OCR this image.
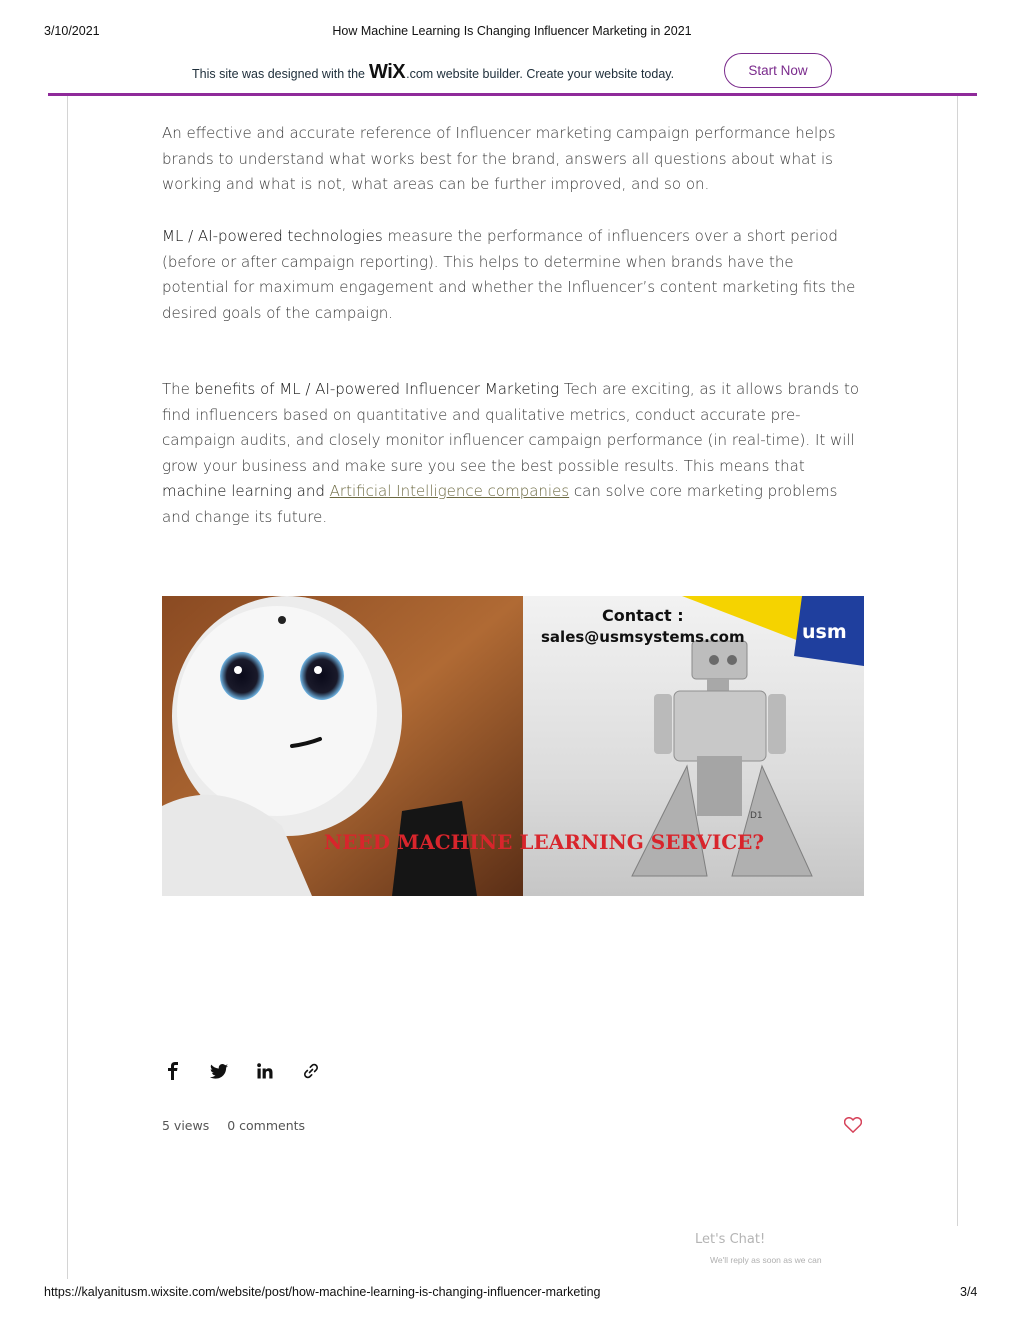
3/10/2021	How Machine Learning Is Changing Influencer Marketing in 2021
This site was designed with the WiX .com website builder. Create your website today.	Start Now

An effective and accurate reference of Influencer marketing campaign performance helps brands to understand what works best for the brand, answers all questions about what is working and what is not, what areas can be further improved, and so on.

ML / AI-powered technologies measure the performance of influencers over a short period (before or after campaign reporting). This helps to determine when brands have the potential for maximum engagement and whether the Influencer’s content marketing fits the desired goals of the campaign.

The benefits of ML / AI-powered Influencer Marketing Tech are exciting, as it allows brands to find influencers based on quantitative and qualitative metrics, conduct accurate pre-campaign audits, and closely monitor influencer campaign performance (in real-time). It will grow your business and make sure you see the best possible results. This means that machine learning and Artificial Intelligence companies can solve core marketing problems and change its future.

Contact :
sales@usmsystems.com	usm
D1
NEED MACHINE LEARNING SERVICE?
5 views 0 comments
Let's Chat!
We'll reply as soon as we can
https://kalyanitusm.wixsite.com/website/post/how-machine-learning-is-changing-influencer-marketing	3/4
